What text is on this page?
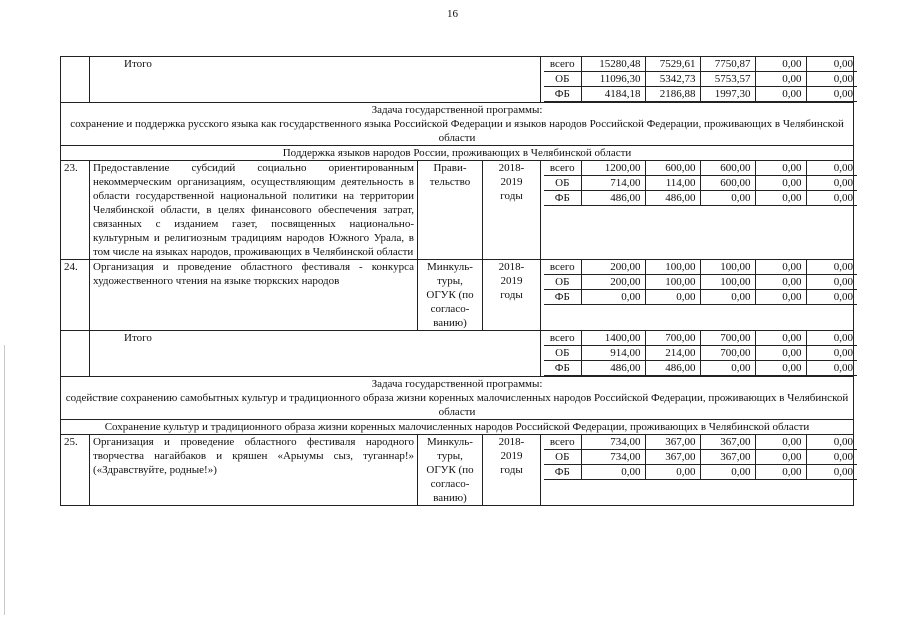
16
	Итого		всего	15280,48	7529,61	7750,87	0,00	0,00
ОБ	11096,30	5342,73	5753,57	0,00	0,00
ФБ	4184,18	2186,88	1997,30	0,00	0,00

Задача государственной программы:
сохранение и поддержка русского языка как государственного языка Российской Федерации и языков народов Российской Федерации, проживающих в Челябинской области
Поддержка языков народов России, проживающих в Челябинской области
23.	Предоставление субсидий социально ориентированным некоммерческим организациям, осуществляющим деятельность в области государственной национальной политики на территории Челябинской области, в целях финансового обеспечения затрат, связанных с изданием газет, посвященных национально-культурным и религиозным традициям народов Южного Урала, в том числе на языках народов, проживающих в Челябинской области	Прави-
тельство	2018-
2019
годы	
всего	1200,00	600,00	600,00	0,00	0,00
ОБ	714,00	114,00	600,00	0,00	0,00
ФБ	486,00	486,00	0,00	0,00	0,00

24.	Организация и проведение областного фестиваля - конкурса художественного чтения на языке тюркских народов	Минкуль-
туры,
ОГУК (по
согласо-
ванию)	2018-
2019
годы	
всего	200,00	100,00	100,00	0,00	0,00
ОБ	200,00	100,00	100,00	0,00	0,00
ФБ	0,00	0,00	0,00	0,00	0,00

	Итого		всего	1400,00	700,00	700,00	0,00	0,00
ОБ	914,00	214,00	700,00	0,00	0,00
ФБ	486,00	486,00	0,00	0,00	0,00

Задача государственной программы:
содействие сохранению самобытных культур и традиционного образа жизни коренных малочисленных народов Российской Федерации, проживающих в Челябинской области
Сохранение культур и традиционного образа жизни коренных малочисленных народов Российской Федерации, проживающих в Челябинской области
25.	Организация и проведение областного фестиваля народного творчества нагайбаков и кряшен «Арыумы сыз, туганнар!» («Здравствуйте, родные!»)	Минкуль-
туры,
ОГУК (по
согласо-
ванию)	2018-
2019
годы	
всего	734,00	367,00	367,00	0,00	0,00
ОБ	734,00	367,00	367,00	0,00	0,00
ФБ	0,00	0,00	0,00	0,00	0,00
